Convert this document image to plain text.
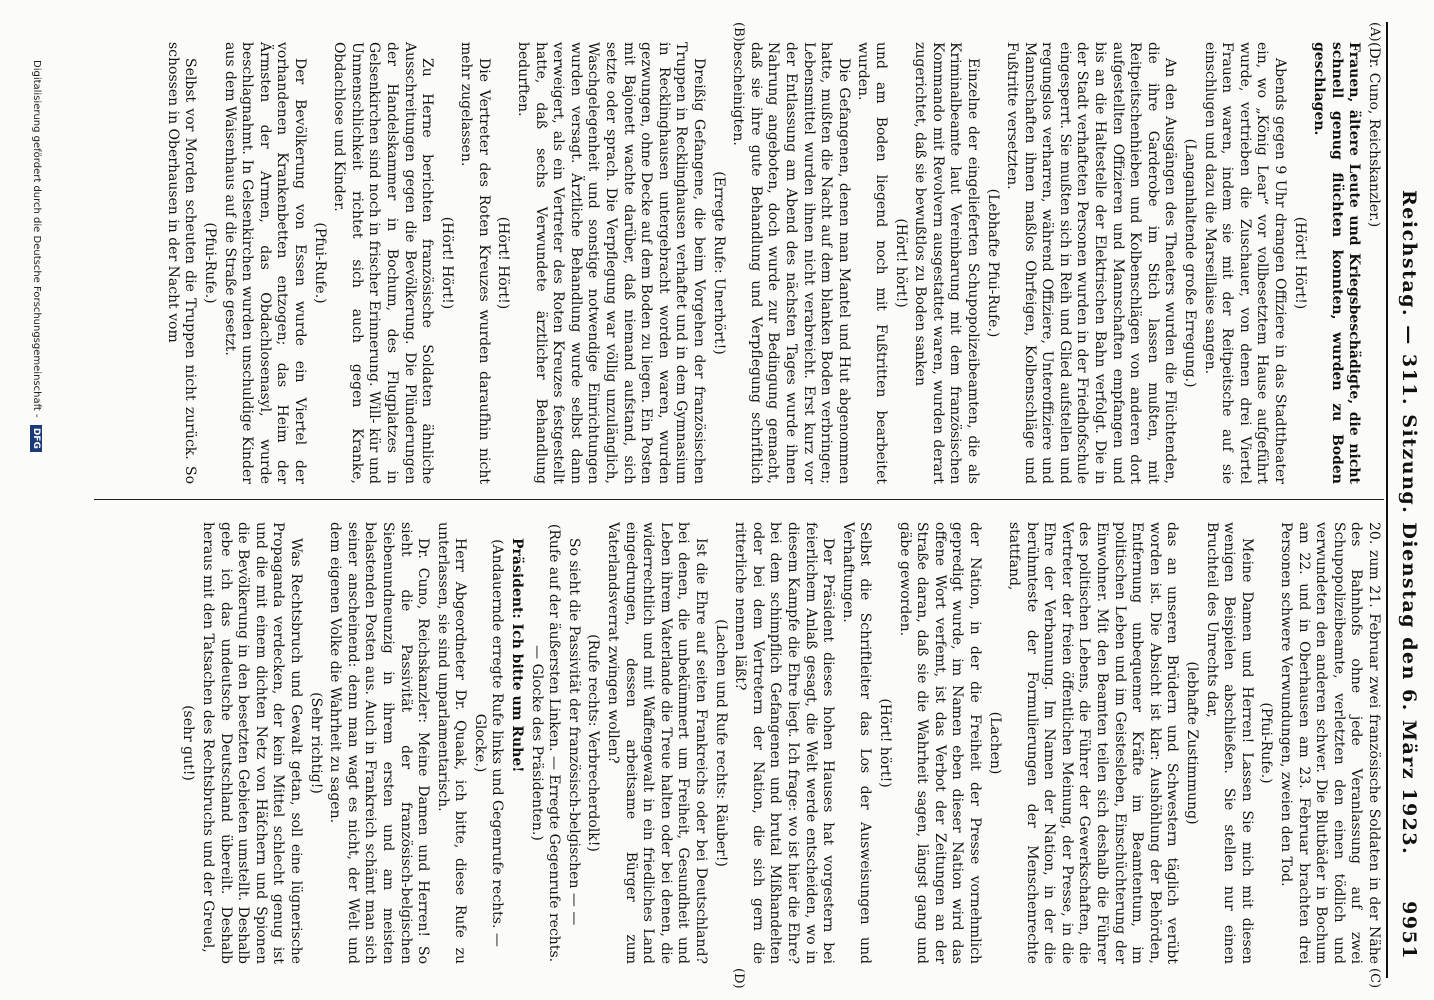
Reichstag. — 311. Sitzung. Dienstag den 6. März 1923.
9951
(A)
(B)
(C)
(D)

(Dr. Cuno, Reichskanzler.)

Frauen, ältere Leute und Kriegsbeschädigte, die nicht schnell genug flüchten konnten, wurden zu Boden geschlagen.

(Hört! Hört!)

Abends gegen 9 Uhr drangen Offiziere in das Stadttheater ein, wo „König Lear“ vor vollbesetztem Hause aufgeführt wurde, vertrieben die Zuschauer, von denen drei Viertel Frauen waren, indem sie mit der Reitpeitsche auf sie einschlugen und dazu die Marseillaise sangen.

(Langanhaltende große Erregung.)

An den Ausgängen des Theaters wurden die Flüchtenden, die ihre Garderobe im Stich lassen mußten, mit Reitpeitschenhieben und Kolbenschlägen von anderen dort aufgestellten Offizieren und Mannschaften empfangen und bis an die Haltestelle der Elektrischen Bahn verfolgt. Die in der Stadt verhafteten Personen wurden in der Friedhofschule eingesperrt. Sie mußten sich in Reih und Glied aufstellen und regungslos verharren, während Offiziere, Unteroffiziere und Mannschaften ihnen maßlos Ohrfeigen, Kolbenschläge und Fußtritte versetzten.

(Lebhafte Pfui-Rufe.)

Einzelne der eingelieferten Schupopolizeibeamten, die als Kriminalbeamte laut Vereinbarung mit dem französischen Kommando mit Revolvern ausgestattet waren, wurden derart zugerichtet, daß sie bewußtlos zu Boden sanken

(Hört! hört!)

und am Boden liegend noch mit Fußtritten bearbeitet wurden.

Die Gefangenen, denen man Mantel und Hut abgenommen hatte, mußten die Nacht auf dem blanken Boden verbringen; Lebensmittel wurden ihnen nicht verabreicht. Erst kurz vor der Entlassung am Abend des nächsten Tages wurde ihnen Nahrung angeboten, doch wurde zur Bedingung gemacht, daß sie ihre gute Behandlung und Verpflegung schriftlich bescheinigten.

(Erregte Rufe: Unerhört!)

Dreißig Gefangene, die beim Vorgehen der französischen Truppen in Recklinghausen verhaftet und in dem Gymnasium in Recklinghausen untergebracht worden waren, wurden gezwungen, ohne Decke auf dem Boden zu liegen. Ein Posten mit Bajonett wachte darüber, daß niemand aufstand, sich setzte oder sprach. Die Verpflegung war völlig unzulänglich, Waschgelegenheit und sonstige notwendige Einrichtungen wurden versagt. Ärztliche Behandlung wurde selbst dann verweigert, als ein Vertreter des Roten Kreuzes festgestellt hatte, daß sechs Verwundete ärztlicher Behandlung bedurften.

(Hört! Hört!)

Die Vertreter des Roten Kreuzes wurden daraufhin nicht mehr zugelassen.

(Hört! Hört!)

Zu Herne berichten französische Soldaten ähnliche Ausschreitungen gegen die Bevölkerung. Die Plünderungen der Handelskammer in Bochum, des Flugplatzes in Gelsenkirchen sind noch in frischer Erinnerung. Will- kür und Unmenschlichkeit richtet sich auch gegen Kranke, Obdachlose und Kinder.

(Pfui-Rufe.)

Der Bevölkerung von Essen wurde ein Viertel der vorhandenen Krankenbetten entzogen; das Heim der Ärmsten der Armen, das Obdachlosenasyl, wurde beschlagnahmt. In Gelsenkirchen wurden unschuldige Kinder aus dem Waisenhaus auf die Straße gesetzt.

(Pfui-Rufe.)

Selbst vor Morden scheuten die Truppen nicht zurück. So schossen in Oberhausen in der Nacht vom

20. zum 21. Februar zwei französische Soldaten in der Nähe des Bahnhofs ohne jede Veranlassung auf zwei Schupopolizeibeamte, verletzten den einen tödlich und verwundeten den anderen schwer. Die Blutbäder in Bochum am 22. und in Oberhausen am 23. Februar brachten drei Personen schwere Verwundungen, zweien den Tod.

(Pfui-Rufe.)

Meine Damen und Herren! Lassen Sie mich mit diesen wenigen Beispielen abschließen. Sie stellen nur einen Bruchteil des Unrechts dar,

(lebhafte Zustimmung)

das an unseren Brüdern und Schwestern täglich verübt worden ist. Die Absicht ist klar: Aushöhlung der Behörden, Entfernung unbequemer Kräfte im Beamtentum, im politischen Leben und im Geistesleben, Einschüchterung der Einwohner. Mit den Beamten teilen sich deshalb die Führer des politischen Lebens, die Führer der Gewerkschaften, die Vertreter der freien öffentlichen Meinung, der Presse, in die Ehre der Verbannung. Im Namen der Nation, in der die berühmteste der Formulierungen der Menschenrechte stattfand,

(Lachen)

der Nation, in der die Freiheit der Presse vornehmlich gepredigt wurde, im Namen eben dieser Nation wird das offene Wort verfemt, ist das Verbot der Zeitungen an der Straße daran, daß sie die Wahrheit sagen, längst gang und gäbe geworden.

(Hört! hört!)

Selbst die Schriftleiter das Los der Ausweisungen und Verhaftungen.

Der Präsident dieses hohen Hauses hat vorgestern bei feierlichem Anlaß gesagt, die Welt werde entscheiden, wo in diesem Kampfe die Ehre liegt. Ich frage: wo ist hier die Ehre? bei dem schimpflich Gefangenen und brutal Mißhandelten oder bei dem Vertretern der Nation, die sich gern die ritterliche nennen läßt?

(Lachen und Rufe rechts: Räuber!)

Ist die Ehre auf seiten Frankreichs oder bei Deutschland? bei denen, die unbekümmert um Freiheit, Gesundheit und Leben ihrem Vaterlande die Treue halten oder bei denen, die widerrechtlich und mit Waffengewalt in ein friedliches Land eingedrungen, dessen arbeitsame Bürger zum Vaterlandsverrat zwingen wollen?

(Rufe rechts: Verbrecherdolk!)

So sieht die Passivität der französisch-belgischen — —

(Rufe auf der äußersten Linken. — Erregte Gegenrufe rechts. — Glocke des Präsidenten.)

Präsident: Ich bitte um Ruhe!

(Andauernde erregte Rufe links und Gegenrufe rechts. — Glocke.)

Herr Abgeordneter Dr. Quaak, ich bitte, diese Rufe zu unterlassen, sie sind unparlamentarisch.

Dr. Cuno, Reichskanzler: Meine Damen und Herren! So sieht die Passivität der französisch-belgischen Siebenundneunzig in ihrem ersten und am meisten belastenden Posten aus. Auch in Frankreich schämt man sich seiner anscheinend: denn man wagt es nicht, der Welt und dem eigenen Volke die Wahrheit zu sagen.

(Sehr richtig!)

Was Rechtsbruch und Gewalt getan, soll eine lügnerische Propaganda verdecken, der kein Mittel schlecht genug ist und die mit einem dichten Netz von Häfchern und Spionen die Bevölkerung in den besetzten Gebieten umstellt. Deshalb gebe ich das undeutsche Deutschland übereilt. Deshalb heraus mit den Tatsachen des Rechtsbruchs und der Greuel,

(sehr gut!)

Digitalisierung gefördert durch die Deutsche Forschungsgemeinschaft - DFG
